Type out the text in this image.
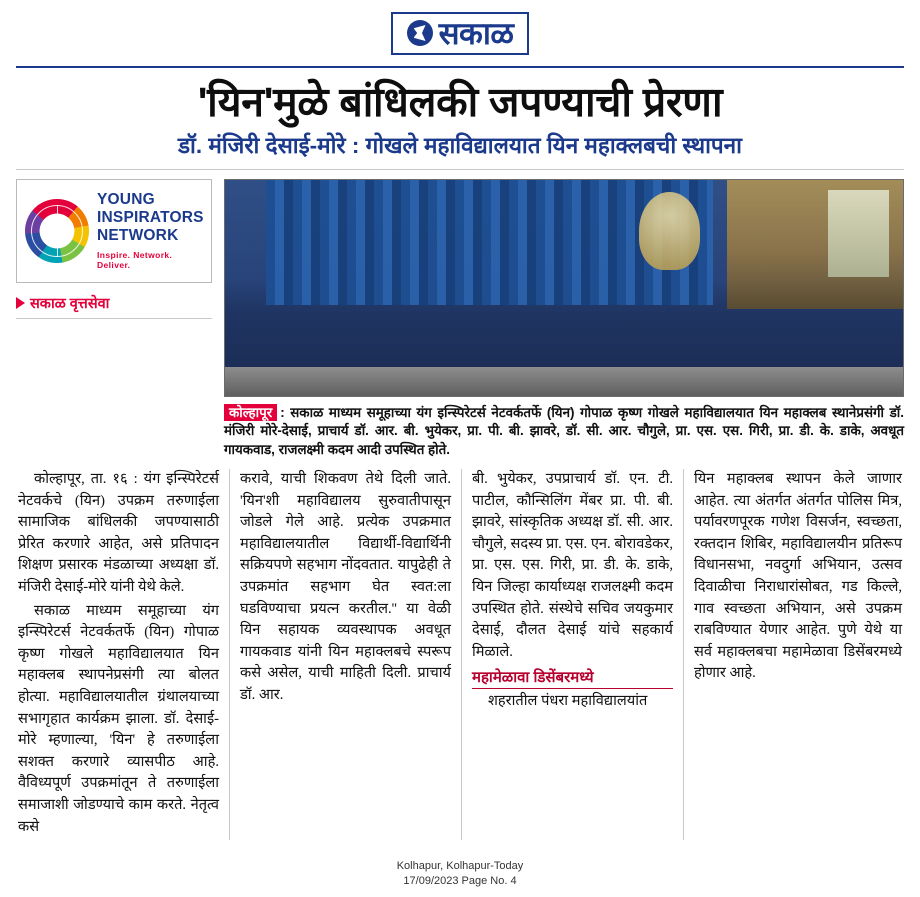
सकाळ
'यिन'मुळे बांधिलकी जपण्याची प्रेरणा
डॉ. मंजिरी देसाई-मोरे : गोखले महाविद्यालयात यिन महाक्लबची स्थापना
YOUNG
INSPIRATORS
NETWORK
Inspire. Network. Deliver.
सकाळ वृत्तसेवा
कोल्हापूर : सकाळ माध्यम समूहाच्या यंग इन्स्पिरेटर्स नेटवर्कतर्फे (यिन) गोपाळ कृष्ण गोखले महाविद्यालयात यिन महाक्लब स्थानेप्रसंगी डॉ. मंजिरी मोरे-देसाई, प्राचार्य डॉ. आर. बी. भुयेकर, प्रा. पी. बी. झावरे, डॉ. सी. आर. चौगुले, प्रा. एस. एस. गिरी, प्रा. डी. के. डाके, अवधूत गायकवाड, राजलक्ष्मी कदम आदी उपस्थित होते.

कोल्हापूर, ता. १६ : यंग इन्स्पिरेटर्स नेटवर्कचे (यिन) उपक्रम तरुणाईला सामाजिक बांधिलकी जपण्यासाठी प्रेरित करणारे आहेत, असे प्रतिपादन शिक्षण प्रसारक मंडळाच्या अध्यक्षा डॉ. मंजिरी देसाई-मोरे यांनी येथे केले.

सकाळ माध्यम समूहाच्या यंग इन्स्पिरेटर्स नेटवर्कतर्फे (यिन) गोपाळ कृष्ण गोखले महाविद्यालयात यिन महाक्लब स्थापनेप्रसंगी त्या बोलत होत्या. महाविद्यालयातील ग्रंथालयाच्या सभागृहात कार्यक्रम झाला. डॉ. देसाई-मोरे म्हणाल्या, 'यिन' हे तरुणाईला सशक्त करणारे व्यासपीठ आहे. वैविध्यपूर्ण उपक्रमांतून ते तरुणाईला समाजाशी जोडण्याचे काम करते. नेतृत्व कसे

करावे, याची शिकवण तेथे दिली जाते. 'यिन'शी महाविद्यालय सुरुवातीपासून जोडले गेले आहे. प्रत्येक उपक्रमात महाविद्यालयातील विद्यार्थी-विद्यार्थिनी सक्रियपणे सहभाग नोंदवतात. यापुढेही ते उपक्रमांत सहभाग घेत स्वत:ला घडविण्याचा प्रयत्न करतील.'' या वेळी यिन सहायक व्यवस्थापक अवधूत गायकवाड यांनी यिन महाक्लबचे स्परूप कसे असेल, याची माहिती दिली. प्राचार्य डॉ. आर.

बी. भुयेकर, उपप्राचार्य डॉ. एन. टी. पाटील, कौन्सिलिंग मेंबर प्रा. पी. बी. झावरे, सांस्कृतिक अध्यक्ष डॉ. सी. आर. चौगुले, सदस्य प्रा. एस. एन. बोरावडेकर, प्रा. एस. एस. गिरी, प्रा. डी. के. डाके, यिन जिल्हा कार्याध्यक्ष राजलक्ष्मी कदम उपस्थित होते. संस्थेचे सचिव जयकुमार देसाई, दौलत देसाई यांचे सहकार्य मिळाले.

महामेळावा डिसेंबरमध्ये

शहरातील पंधरा महाविद्यालयांत

यिन महाक्लब स्थापन केले जाणार आहेत. त्या अंतर्गत अंतर्गत पोलिस मित्र, पर्यावरणपूरक गणेश विसर्जन, स्वच्छता, रक्तदान शिबिर, महाविद्यालयीन प्रतिरूप विधानसभा, नवदुर्गा अभियान, उत्सव दिवाळीचा निराधारांसोबत, गड किल्ले, गाव स्वच्छता अभियान, असे उपक्रम राबविण्यात येणार आहेत. पुणे येथे या सर्व महाक्लबचा महामेळावा डिसेंबरमध्ये होणार आहे.

Kolhapur, Kolhapur-Today
17/09/2023 Page No. 4
